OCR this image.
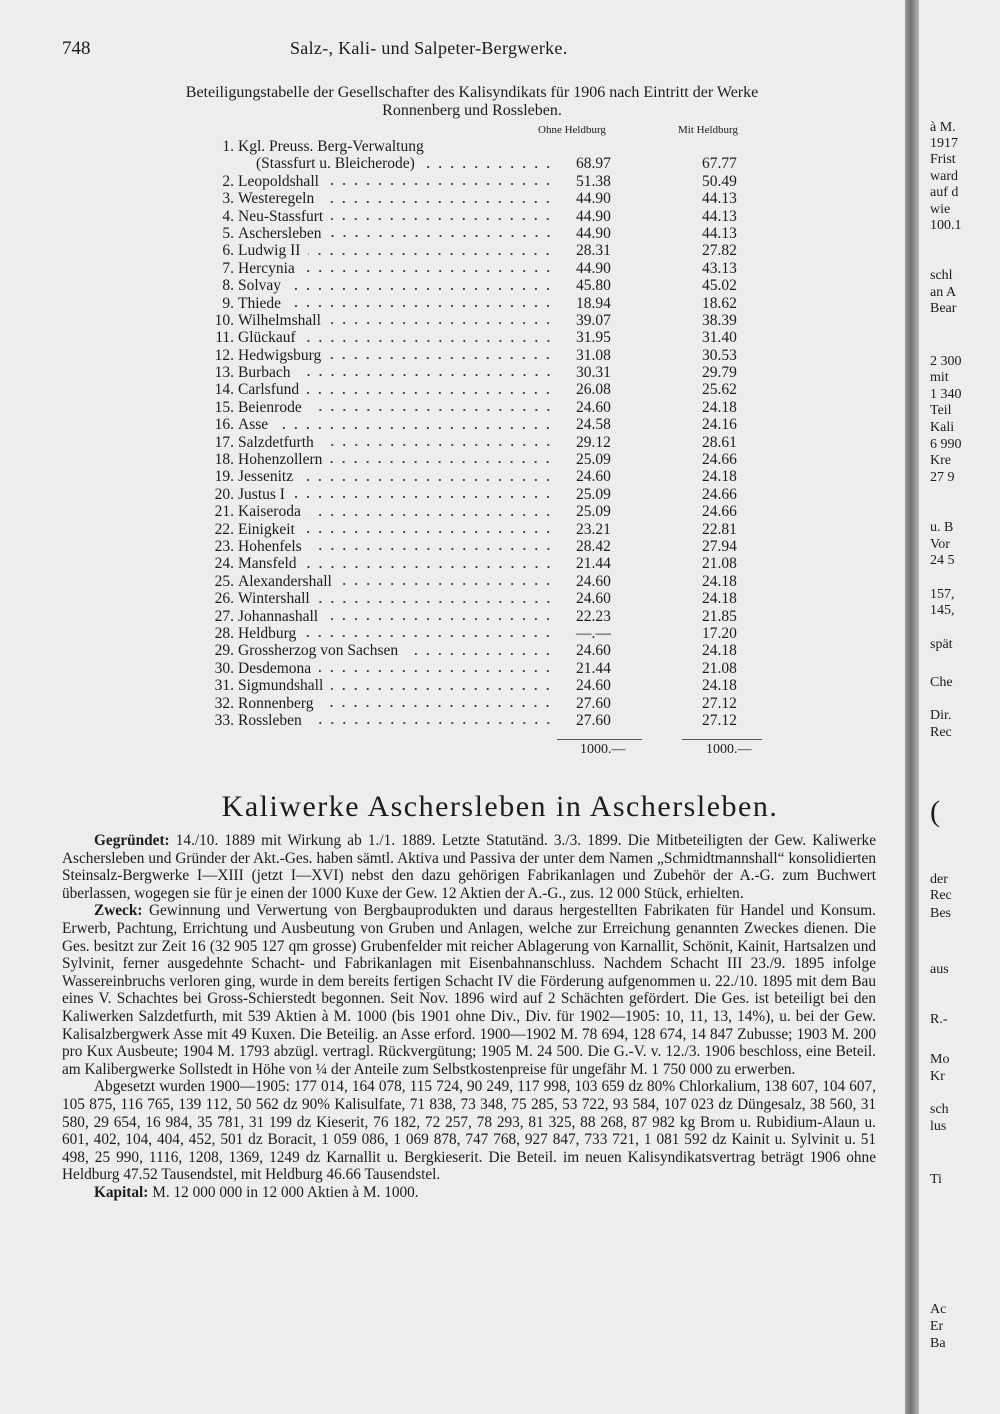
748	Salz-, Kali- und Salpeter-Bergwerke.
Beteiligungstabelle der Gesellschafter des Kalisyndikats für 1906 nach Eintritt der Werke
Ronnenberg und Rossleben.
Ohne Heldburg	Mit Heldburg
1. Kgl. Preuss. Berg-Verwaltung
(Stassfurt u. Bleicherode)	68.97	67.77
2. Leopoldshall	51.38	50.49
3. Westeregeln	44.90	44.13
4. Neu-Stassfurt	44.90	44.13
5. Aschersleben	44.90	44.13
6. Ludwig II	28.31	27.82
7. Hercynia	44.90	43.13
8. Solvay	45.80	45.02
9. Thiede	18.94	18.62
10. Wilhelmshall	39.07	38.39
11. Glückauf	31.95	31.40
12. Hedwigsburg	31.08	30.53
13. Burbach	30.31	29.79
14. Carlsfund	26.08	25.62
15. Beienrode	24.60	24.18
16. Asse	24.58	24.16
17. Salzdetfurth	29.12	28.61
18. Hohenzollern	25.09	24.66
19. Jessenitz	24.60	24.18
20. Justus I	25.09	24.66
21. Kaiseroda	25.09	24.66
22. Einigkeit	23.21	22.81
23. Hohenfels	28.42	27.94
24. Mansfeld	21.44	21.08
25. Alexandershall	24.60	24.18
26. Wintershall	24.60	24.18
27. Johannashall	22.23	21.85
28. Heldburg	—.—	17.20
29. Grossherzog von Sachsen	24.60	24.18
30. Desdemona	21.44	21.08
31. Sigmundshall	24.60	24.18
32. Ronnenberg	27.60	27.12
33. Rossleben	27.60	27.12
1000.—	1000.—
Kaliwerke Aschersleben in Aschersleben.

Gegründet: 14./10. 1889 mit Wirkung ab 1./1. 1889. Letzte Statutänd. 3./3. 1899. Die Mitbeteiligten der Gew. Kaliwerke Aschersleben und Gründer der Akt.-Ges. haben sämtl. Aktiva und Passiva der unter dem Namen „Schmidtmannshall“ konsolidierten Steinsalz-Bergwerke I—XIII (jetzt I—XVI) nebst den dazu gehörigen Fabrikanlagen und Zubehör der A.-G. zum Buchwert überlassen, wogegen sie für je einen der 1000 Kuxe der Gew. 12 Aktien der A.-G., zus. 12 000 Stück, erhielten.

Zweck: Gewinnung und Verwertung von Bergbauprodukten und daraus hergestellten Fabrikaten für Handel und Konsum. Erwerb, Pachtung, Errichtung und Ausbeutung von Gruben und Anlagen, welche zur Erreichung genannten Zweckes dienen. Die Ges. besitzt zur Zeit 16 (32 905 127 qm grosse) Grubenfelder mit reicher Ablagerung von Karnallit, Schönit, Kainit, Hartsalzen und Sylvinit, ferner ausgedehnte Schacht- und Fabrikanlagen mit Eisenbahnanschluss. Nachdem Schacht III 23./9. 1895 infolge Wassereinbruchs verloren ging, wurde in dem bereits fertigen Schacht IV die Förderung aufgenommen u. 22./10. 1895 mit dem Bau eines V. Schachtes bei Gross-Schierstedt begonnen. Seit Nov. 1896 wird auf 2 Schächten gefördert. Die Ges. ist beteiligt bei den Kaliwerken Salzdetfurth, mit 539 Aktien à M. 1000 (bis 1901 ohne Div., Div. für 1902—1905: 10, 11, 13, 14%), u. bei der Gew. Kalisalzbergwerk Asse mit 49 Kuxen. Die Beteilig. an Asse erford. 1900—1902 M. 78 694, 128 674, 14 847 Zubusse; 1903 M. 200 pro Kux Ausbeute; 1904 M. 1793 abzügl. vertragl. Rückvergütung; 1905 M. 24 500. Die G.-V. v. 12./3. 1906 beschloss, eine Beteil. am Kalibergwerke Sollstedt in Höhe von ¼ der Anteile zum Selbstkostenpreise für ungefähr M. 1 750 000 zu erwerben.

Abgesetzt wurden 1900—1905: 177 014, 164 078, 115 724, 90 249, 117 998, 103 659 dz 80% Chlorkalium, 138 607, 104 607, 105 875, 116 765, 139 112, 50 562 dz 90% Kalisulfate, 71 838, 73 348, 75 285, 53 722, 93 584, 107 023 dz Düngesalz, 38 560, 31 580, 29 654, 16 984, 35 781, 31 199 dz Kieserit, 76 182, 72 257, 78 293, 81 325, 88 268, 87 982 kg Brom u. Rubidium-Alaun u. 601, 402, 104, 404, 452, 501 dz Boracit, 1 059 086, 1 069 878, 747 768, 927 847, 733 721, 1 081 592 dz Kainit u. Sylvinit u. 51 498, 25 990, 1116, 1208, 1369, 1249 dz Karnallit u. Bergkieserit. Die Beteil. im neuen Kalisyndikatsvertrag beträgt 1906 ohne Heldburg 47.52 Tausendstel, mit Heldburg 46.66 Tausendstel.

Kapital: M. 12 000 000 in 12 000 Aktien à M. 1000.

à M.
1917
Frist
ward
auf d
wie
100.1
schl
an A
Bear
2 300
mit
1 340
Teil
Kali
6 990
Kre
27 9
u. B
Vor
24 5
157,
145,
spät
Che
Dir.
Rec
(
der
Rec
Bes
aus
R.-
Mo
Kr
sch
lus
Ti
Ac
Er
Ba
